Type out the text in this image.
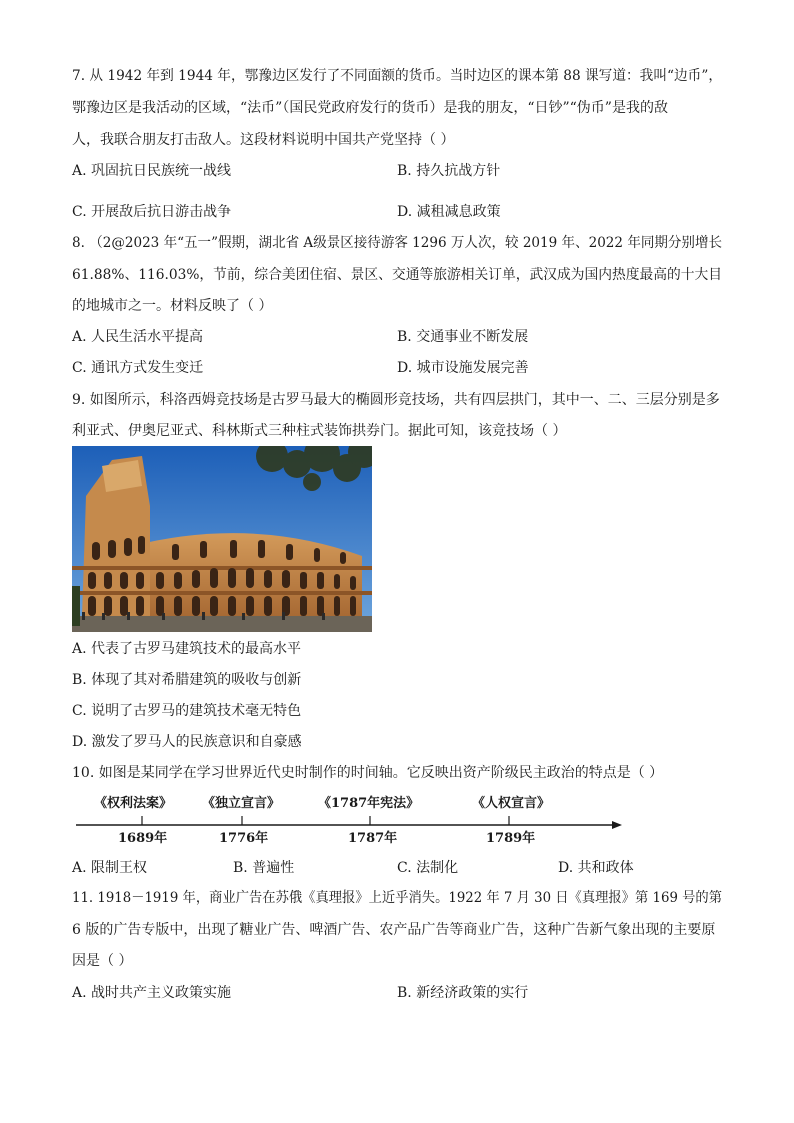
7. 从 1942 年到 1944 年，鄂豫边区发行了不同面额的货币。当时边区的课本第 88 课写道：我叫“边币”，
鄂豫边区是我活动的区域，“法币”（国民党政府发行的货币）是我的朋友，“日钞”“伪币”是我的敌
人，我联合朋友打击敌人。这段材料说明中国共产党坚持（ ）
A. 巩固抗日民族统一战线	B. 持久抗战方针
C. 开展敌后抗日游击战争	D. 减租减息政策
8. （2@2023 年“五一”假期，湖北省 A级景区接待游客 1296 万人次，较 2019 年、2022 年同期分别增长
61.88%、116.03%，节前，综合美团住宿、景区、交通等旅游相关订单，武汉成为国内热度最高的十大目
的地城市之一。材料反映了（ ）
A. 人民生活水平提高	B. 交通事业不断发展
C. 通讯方式发生变迁	D. 城市设施发展完善
9. 如图所示，科洛西姆竞技场是古罗马最大的椭圆形竞技场，共有四层拱门，其中一、二、三层分别是多
利亚式、伊奥尼亚式、科林斯式三种柱式装饰拱券门。据此可知，该竞技场（ ）
A. 代表了古罗马建筑技术的最高水平
B. 体现了其对希腊建筑的吸收与创新
C. 说明了古罗马的建筑技术毫无特色
D. 激发了罗马人的民族意识和自豪感
10. 如图是某同学在学习世界近代史时制作的时间轴。它反映出资产阶级民主政治的特点是（ ）
《权利法案》 《独立宣言》	《1787年宪法》	《人权宣言》
1689年	1776年	1787年	1789年
A. 限制王权	B. 普遍性	C. 法制化	D. 共和政体
11. 1918－1919 年，商业广告在苏俄《真理报》上近乎消失。1922 年 7 月 30 日《真理报》第 169 号的第
6 版的广告专版中，出现了糖业广告、啤酒广告、农产品广告等商业广告，这种广告新气象出现的主要原
因是（ ）
A. 战时共产主义政策实施	B. 新经济政策的实行
